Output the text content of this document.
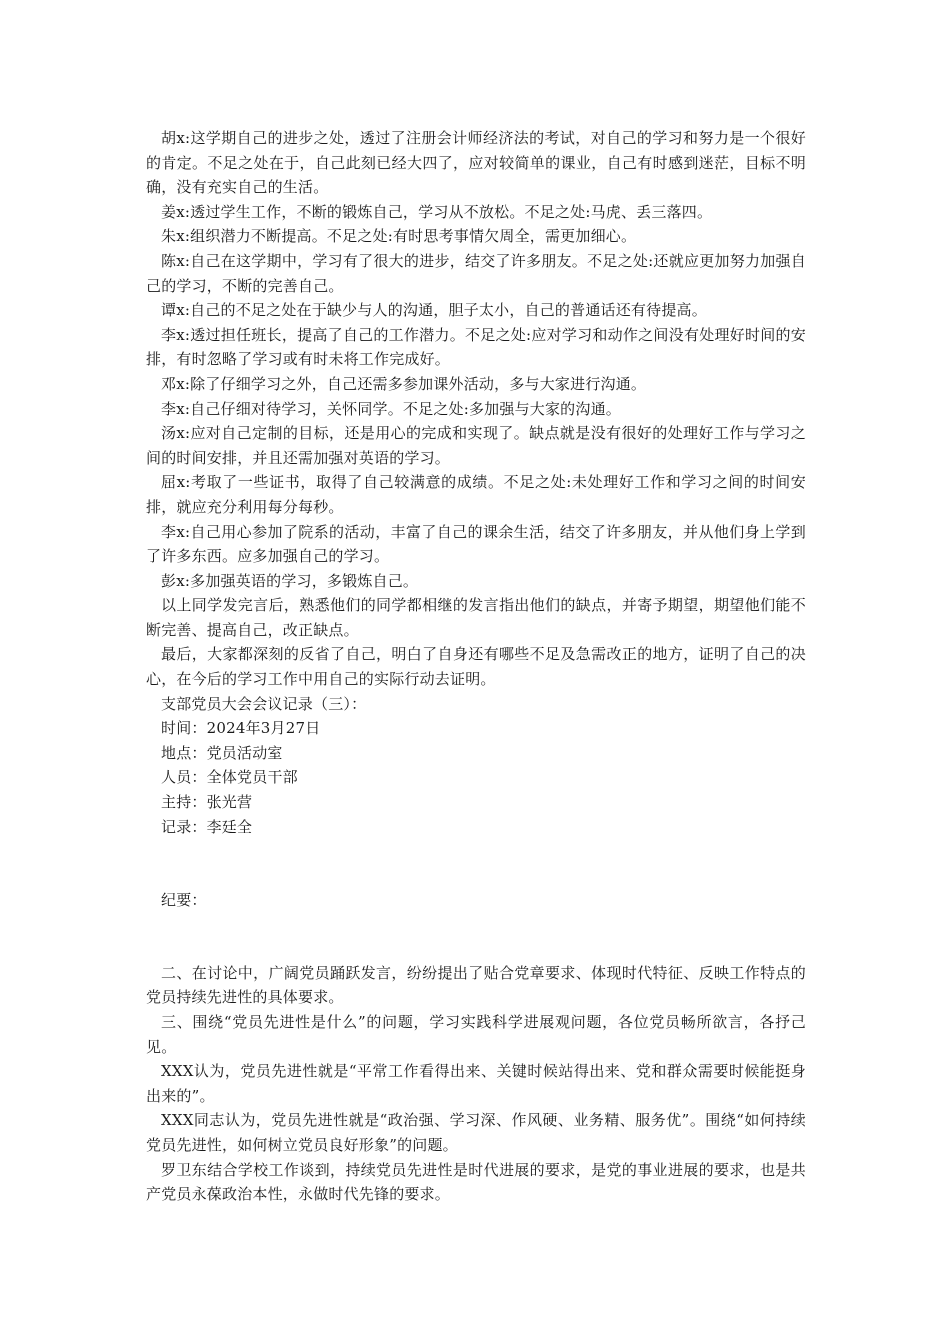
胡x:这学期自己的进步之处，透过了注册会计师经济法的考试，对自己的学习和努力是一个很好的肯定。不足之处在于，自己此刻已经大四了，应对较简单的课业，自己有时感到迷茫，目标不明确，没有充实自己的生活。

姜x:透过学生工作，不断的锻炼自己，学习从不放松。不足之处:马虎、丢三落四。

朱x:组织潜力不断提高。不足之处:有时思考事情欠周全，需更加细心。

陈x:自己在这学期中，学习有了很大的进步，结交了许多朋友。不足之处:还就应更加努力加强自己的学习，不断的完善自己。

谭x:自己的不足之处在于缺少与人的沟通，胆子太小，自己的普通话还有待提高。

李x:透过担任班长，提高了自己的工作潜力。不足之处:应对学习和动作之间没有处理好时间的安排，有时忽略了学习或有时未将工作完成好。

邓x:除了仔细学习之外，自己还需多参加课外活动，多与大家进行沟通。

李x:自己仔细对待学习，关怀同学。不足之处:多加强与大家的沟通。

汤x:应对自己定制的目标，还是用心的完成和实现了。缺点就是没有很好的处理好工作与学习之间的时间安排，并且还需加强对英语的学习。

屈x:考取了一些证书，取得了自己较满意的成绩。不足之处:未处理好工作和学习之间的时间安排，就应充分利用每分每秒。

李x:自己用心参加了院系的活动，丰富了自己的课余生活，结交了许多朋友，并从他们身上学到了许多东西。应多加强自己的学习。

彭x:多加强英语的学习，多锻炼自己。

以上同学发完言后，熟悉他们的同学都相继的发言指出他们的缺点，并寄予期望，期望他们能不断完善、提高自己，改正缺点。

最后，大家都深刻的反省了自己，明白了自身还有哪些不足及急需改正的地方，证明了自己的决心，在今后的学习工作中用自己的实际行动去证明。

支部党员大会会议记录（三）：

时间：2024年3月27日

地点：党员活动室

人员：全体党员干部

主持：张光营

记录：李廷全

纪要：

二、在讨论中，广阔党员踊跃发言，纷纷提出了贴合党章要求、体现时代特征、反映工作特点的党员持续先进性的具体要求。

三、围绕“党员先进性是什么”的问题，学习实践科学进展观问题，各位党员畅所欲言，各抒己见。

XXX认为，党员先进性就是“平常工作看得出来、关键时候站得出来、党和群众需要时候能挺身出来的”。

XXX同志认为，党员先进性就是“政治强、学习深、作风硬、业务精、服务优”。围绕“如何持续党员先进性，如何树立党员良好形象”的问题。

罗卫东结合学校工作谈到，持续党员先进性是时代进展的要求，是党的事业进展的要求，也是共产党员永葆政治本性，永做时代先锋的要求。
